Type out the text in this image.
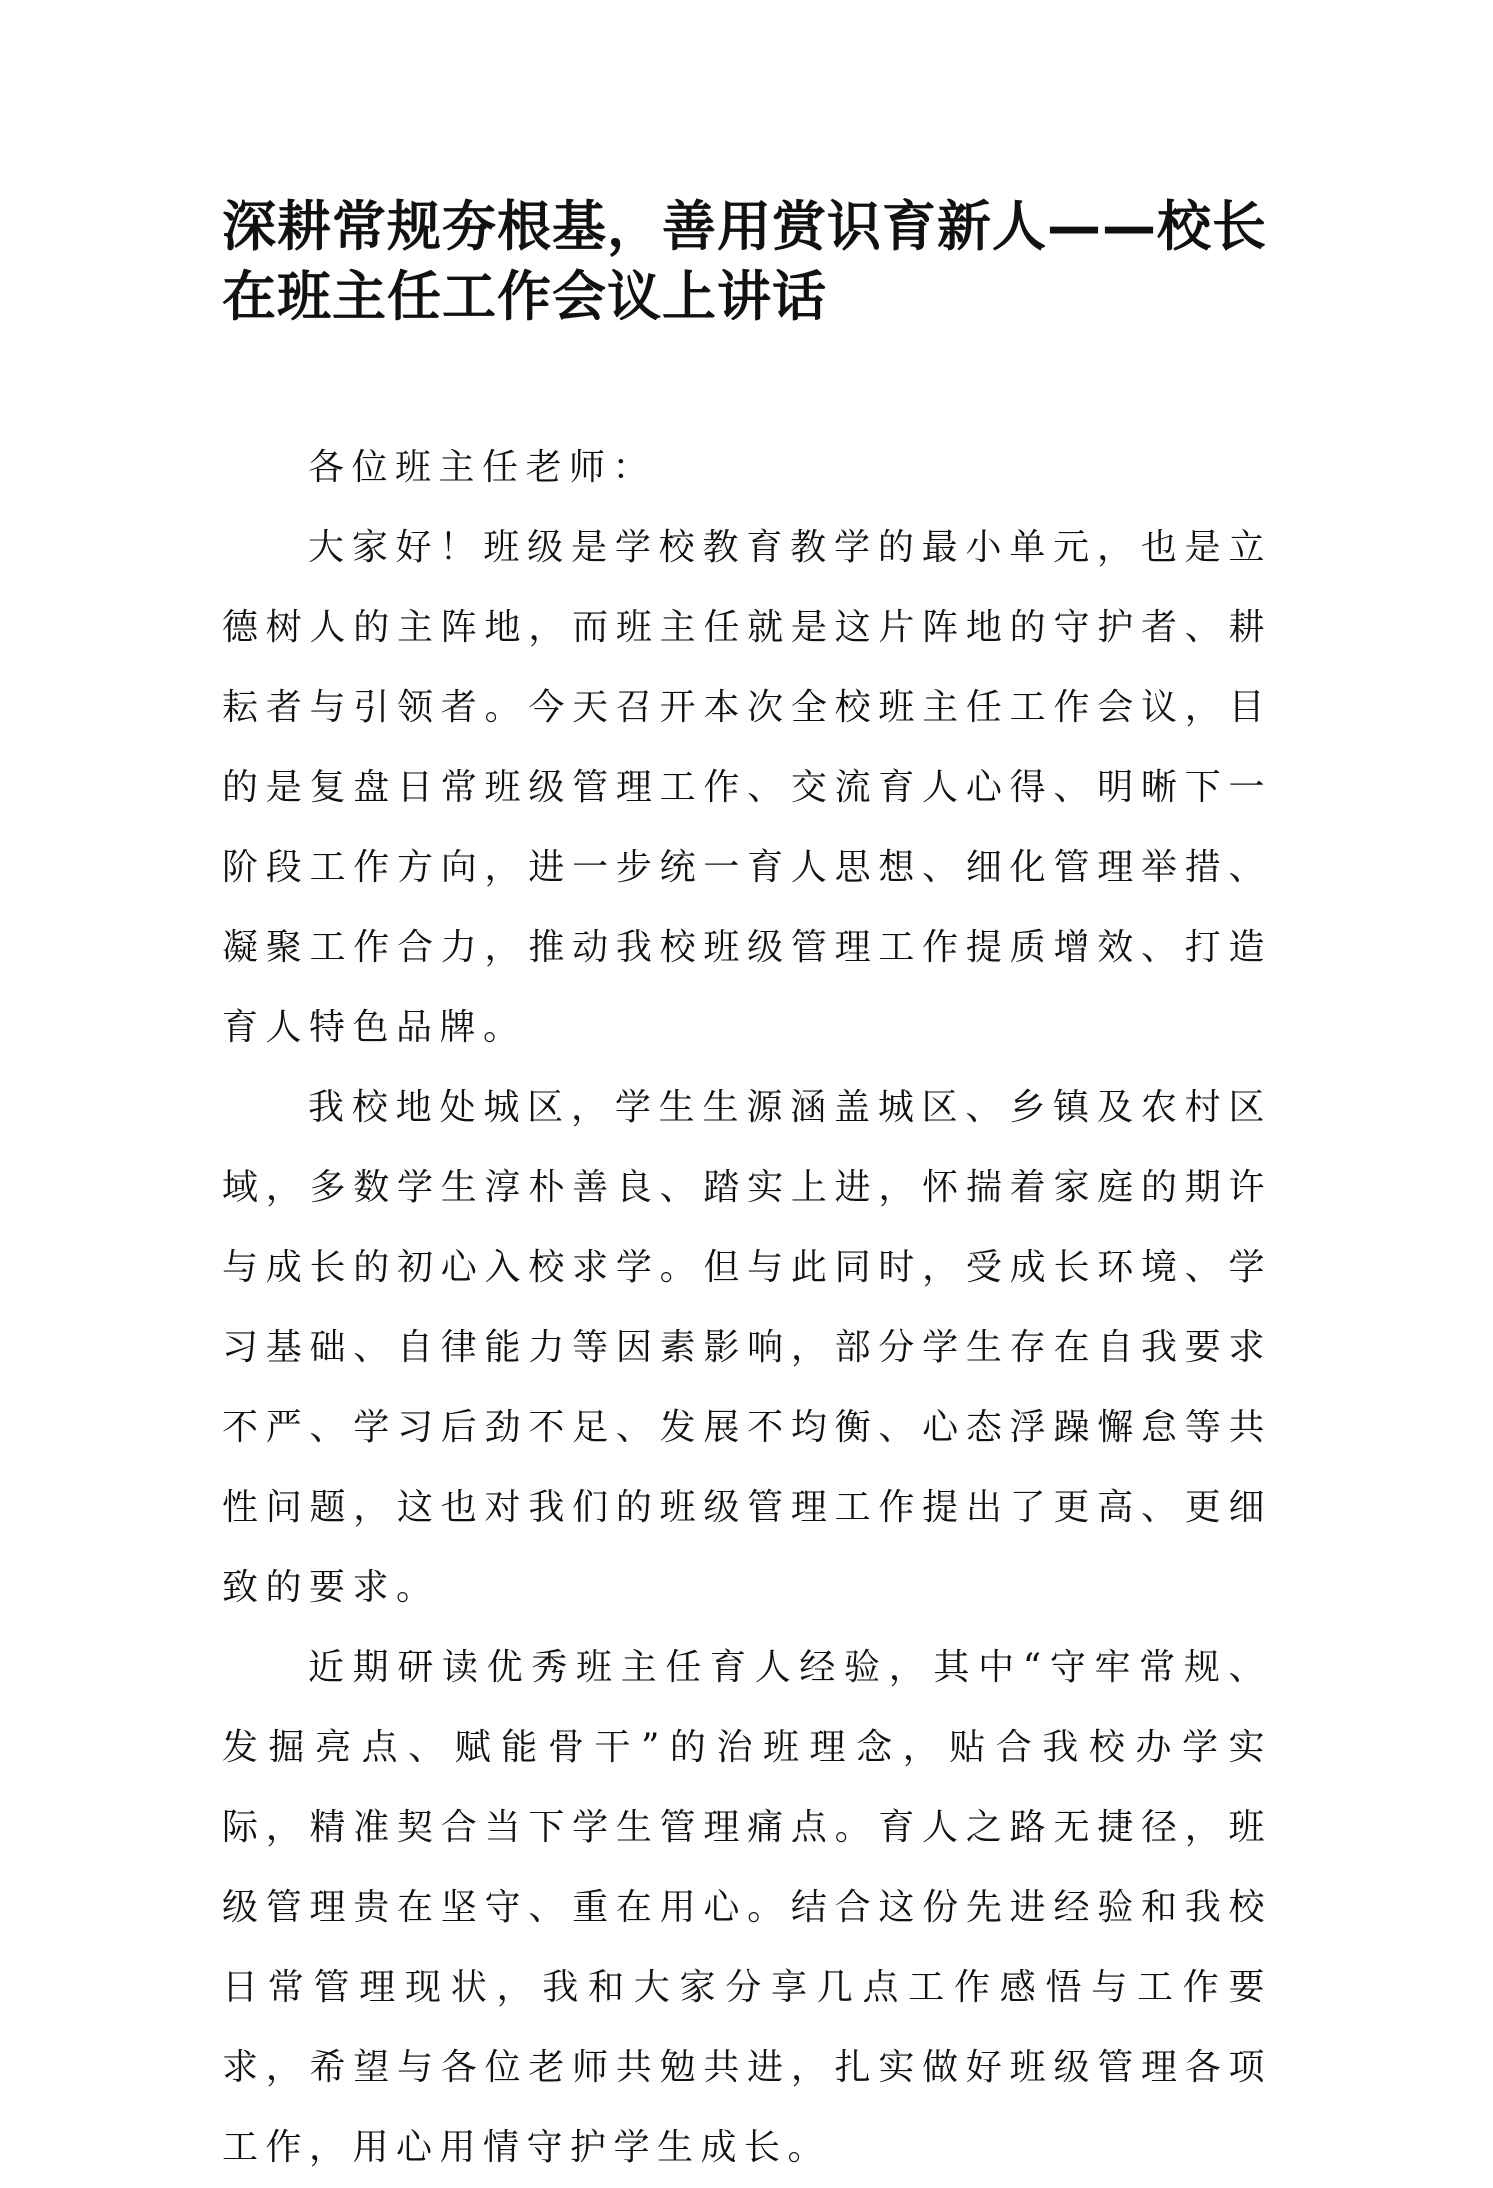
深耕常规夯根基，善用赏识育新人——校长在班主任工作会议上讲话

各位班主任老师：

大家好！班级是学校教育教学的最小单元，也是立德树人的主阵地，而班主任就是这片阵地的守护者、耕耘者与引领者。今天召开本次全校班主任工作会议，目的是复盘日常班级管理工作、交流育人心得、明晰下一阶段工作方向，进一步统一育人思想、细化管理举措、凝聚工作合力，推动我校班级管理工作提质增效、打造育人特色品牌。

我校地处城区，学生生源涵盖城区、乡镇及农村区域，多数学生淳朴善良、踏实上进，怀揣着家庭的期许与成长的初心入校求学。但与此同时，受成长环境、学习基础、自律能力等因素影响，部分学生存在自我要求不严、学习后劲不足、发展不均衡、心态浮躁懈怠等共性问题，这也对我们的班级管理工作提出了更高、更细致的要求。

近期研读优秀班主任育人经验，其中“守牢常规、发掘亮点、赋能骨干”的治班理念，贴合我校办学实际，精准契合当下学生管理痛点。育人之路无捷径，班级管理贵在坚守、重在用心。结合这份先进经验和我校日常管理现状，我和大家分享几点工作感悟与工作要求，希望与各位老师共勉共进，扎实做好班级管理各项工作，用心用情守护学生成长。
